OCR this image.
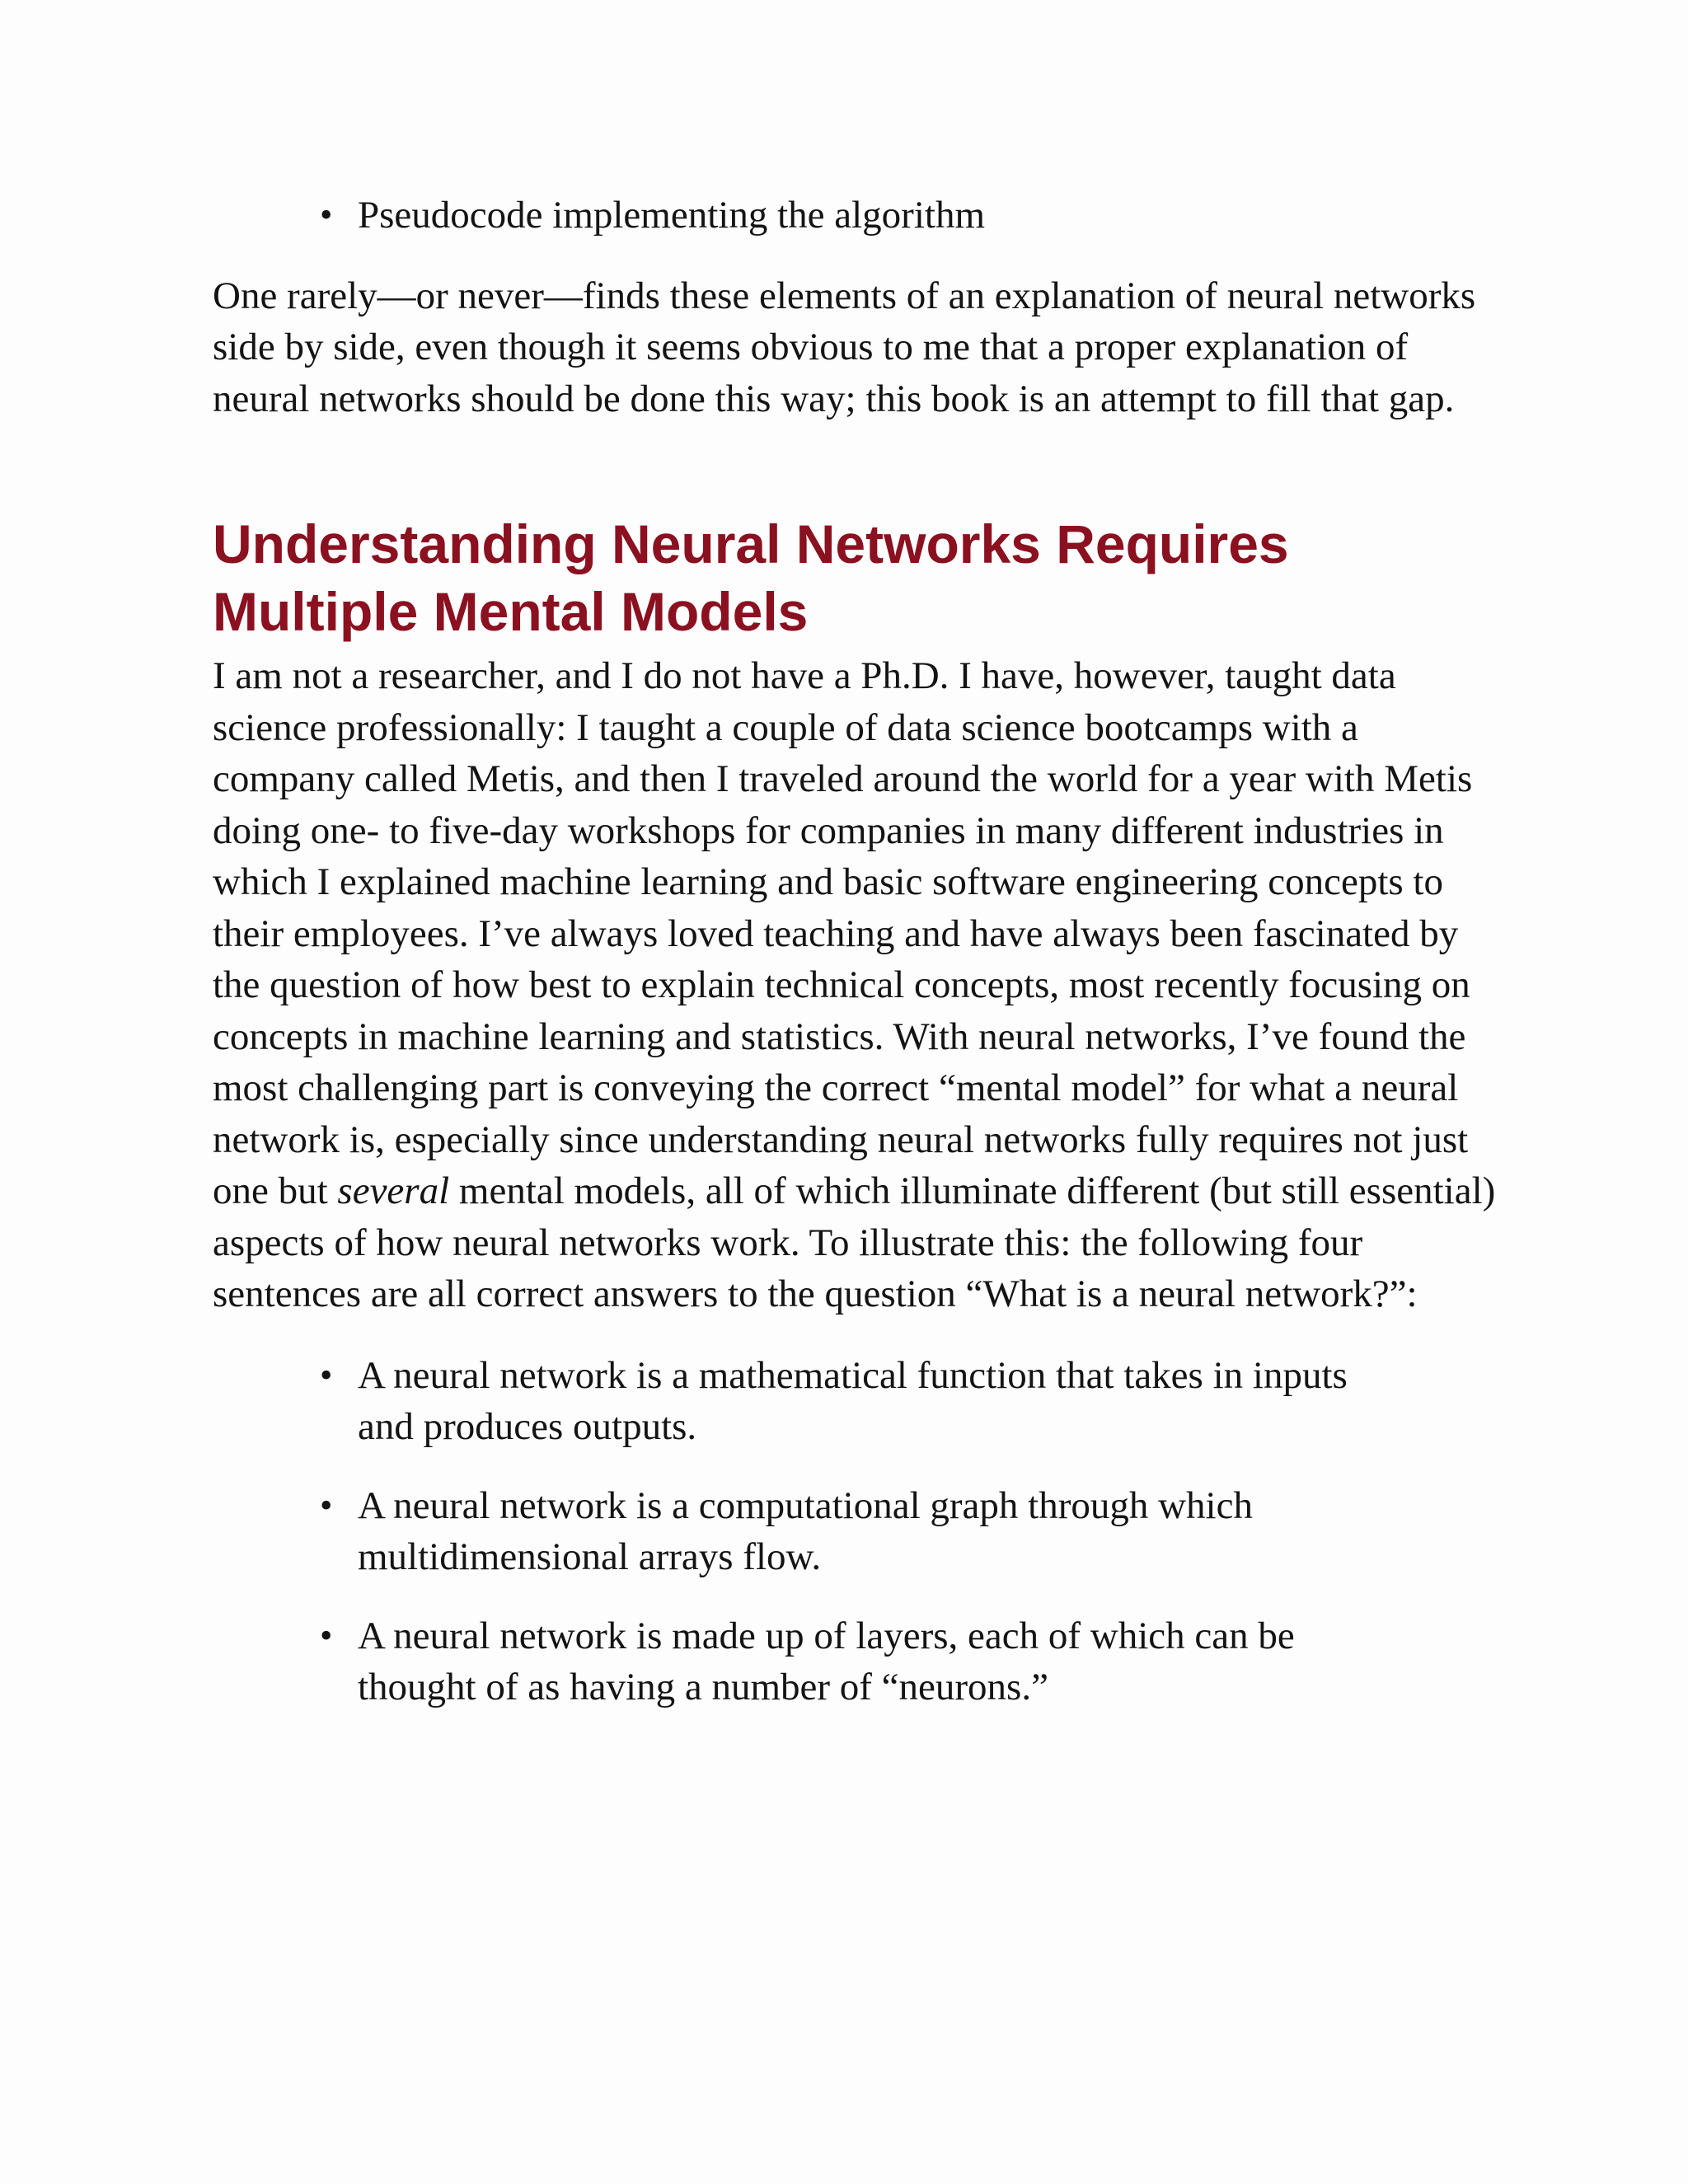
• Pseudocode implementing the algorithm

One rarely—or never—finds these elements of an explanation of neural networks side by side, even though it seems obvious to me that a proper explanation of neural networks should be done this way; this book is an attempt to fill that gap.

Understanding Neural Networks Requires Multiple Mental Models

I am not a researcher, and I do not have a Ph.D. I have, however, taught data science professionally: I taught a couple of data science bootcamps with a company called Metis, and then I traveled around the world for a year with Metis doing one- to five-day workshops for companies in many different industries in which I explained machine learning and basic software engineering concepts to their employees. I’ve always loved teaching and have always been fascinated by the question of how best to explain technical concepts, most recently focusing on concepts in machine learning and statistics. With neural networks, I’ve found the most challenging part is conveying the correct “mental model” for what a neural network is, especially since understanding neural networks fully requires not just one but several mental models, all of which illuminate different (but still essential) aspects of how neural networks work. To illustrate this: the following four sentences are all correct answers to the question “What is a neural network?”:

• A neural network is a mathematical function that takes in inputs and produces outputs.
• A neural network is a computational graph through which multidimensional arrays flow.
• A neural network is made up of layers, each of which can be thought of as having a number of “neurons.”
